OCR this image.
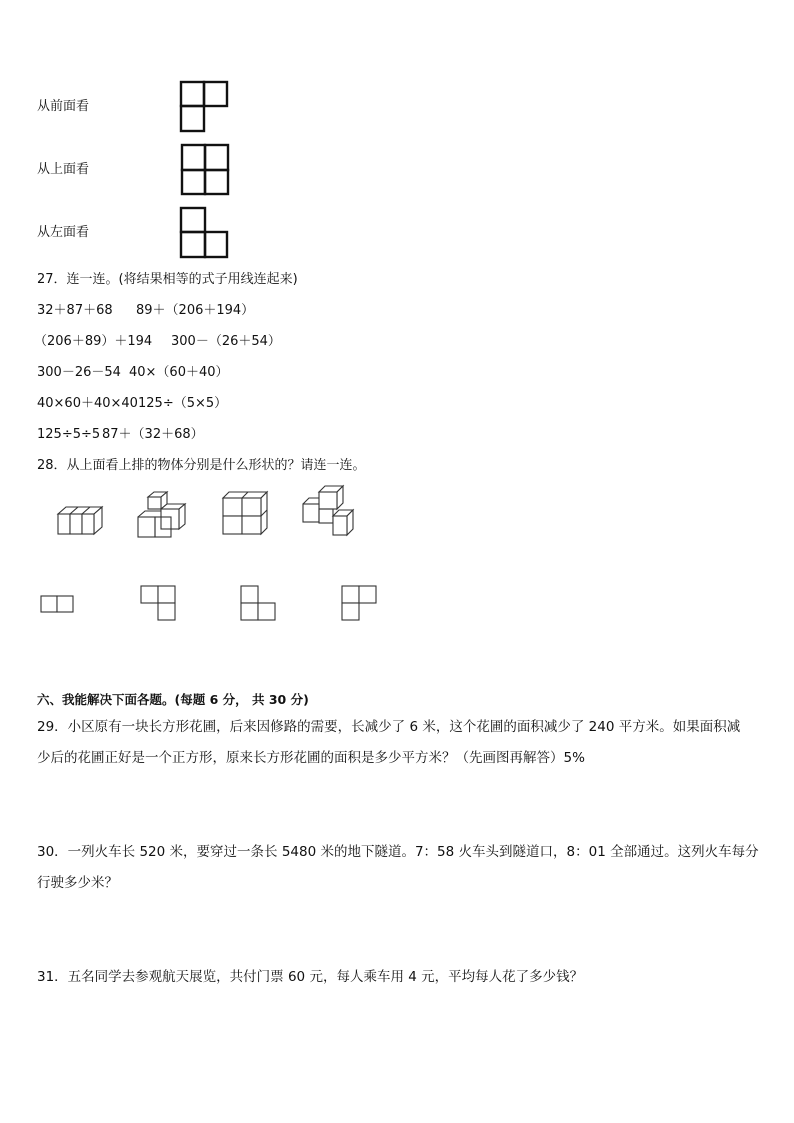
从前面看
从上面看
从左面看
27．连一连。(将结果相等的式子用线连起来)
32＋87＋68 89＋（206＋194）
（206＋89）＋194 300－（26＋54）
300－26－54 40×（60＋40）
40×60＋40×40 125÷（5×5）
125÷5÷5 87＋（32＋68）
28．从上面看上排的物体分别是什么形状的？请连一连。
六、我能解决下面各题。(每题 6 分， 共 30 分)
29．小区原有一块长方形花圃，后来因修路的需要，长减少了 6 米，这个花圃的面积减少了 240 平方米。如果面积减
少后的花圃正好是一个正方形，原来长方形花圃的面积是多少平方米？（先画图再解答）5%
30．一列火车长 520 米，要穿过一条长 5480 米的地下隧道。7：58 火车头到隧道口，8：01 全部通过。这列火车每分
行驶多少米？
31．五名同学去参观航天展览，共付门票 60 元，每人乘车用 4 元，平均每人花了多少钱？
